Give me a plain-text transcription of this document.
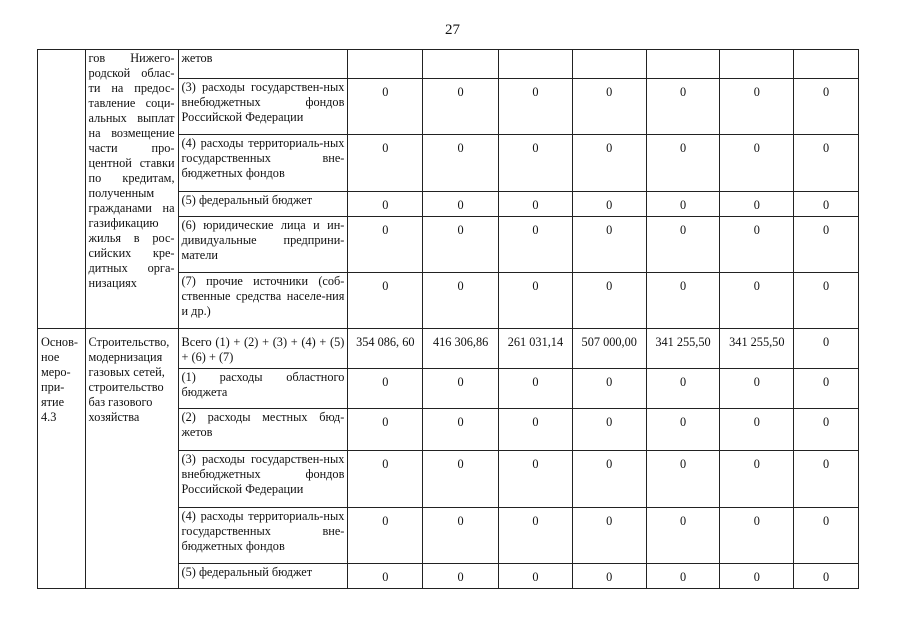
27
	гов Нижего-родской облас-ти на предос-тавление соци-альных выплат на возмещение части про-центной ставки по кредитам, полученным гражданами на газификацию жилья в рос-сийских кре-дитных орга-низациях	жетов							
		(3) расходы государствен-ных внебюджетных фондов Российской Федерации	0	0	0	0	0	0	0
		(4) расходы территориаль-ных государственных вне-бюджетных фондов	0	0	0	0	0	0	0
		(5) федеральный бюджет	0	0	0	0	0	0	0
		(6) юридические лица и ин-дивидуальные предприни-матели	0	0	0	0	0	0	0
		(7) прочие источники (соб-ственные средства населе-ния и др.)	0	0	0	0	0	0	0
Основ-ное меро-при-ятие 4.3	Строительство, модернизация газовых сетей, строительство баз газового хозяйства	Всего (1) + (2) + (3) + (4) + (5) + (6) + (7)	354 086, 60	416 306,86	261 031,14	507 000,00	341 255,50	341 255,50	0
		(1) расходы областного бюджета	0	0	0	0	0	0	0
		(2) расходы местных бюд-жетов	0	0	0	0	0	0	0
		(3) расходы государствен-ных внебюджетных фондов Российской Федерации	0	0	0	0	0	0	0
		(4) расходы территориаль-ных государственных вне-бюджетных фондов	0	0	0	0	0	0	0
		(5) федеральный бюджет	0	0	0	0	0	0	0
